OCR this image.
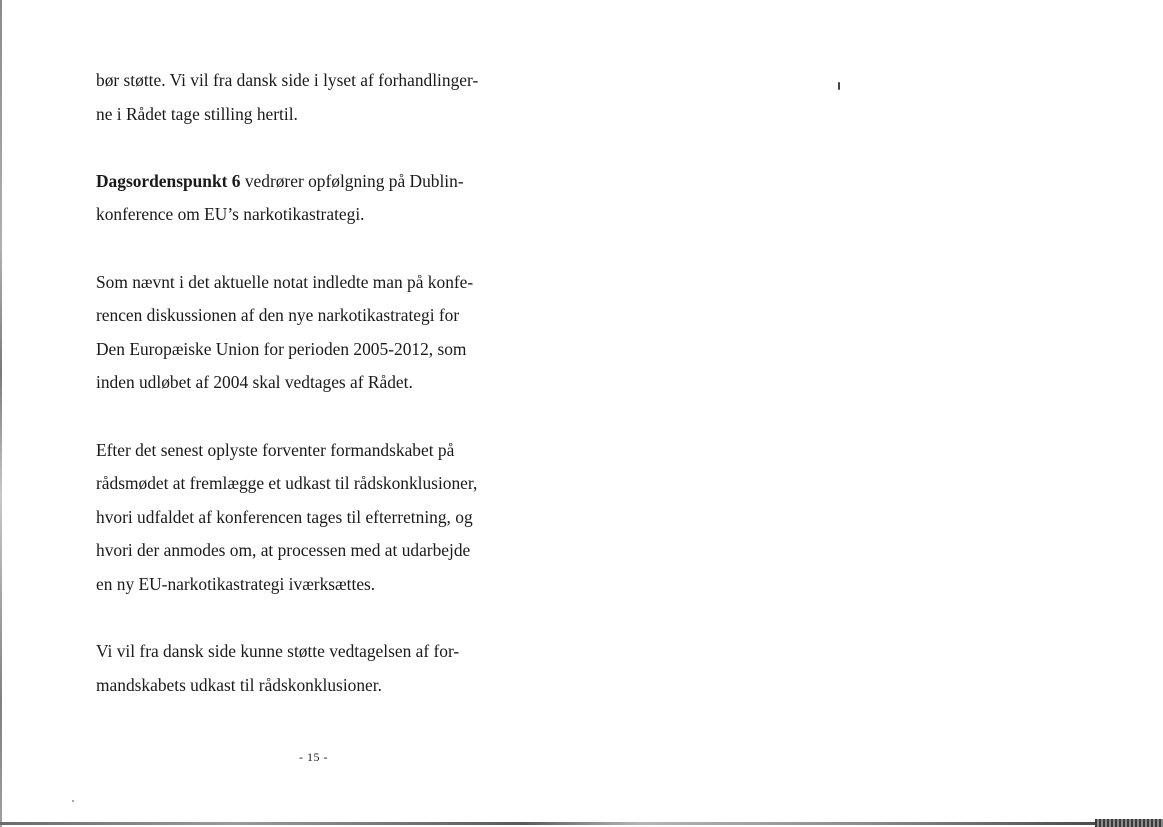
bør støtte. Vi vil fra dansk side i lyset af forhandlinger-
ne i Rådet tage stilling hertil.

Dagsordenspunkt 6 vedrører opfølgning på Dublin-
konference om EU’s narkotikastrategi.

Som nævnt i det aktuelle notat indledte man på konfe-
rencen diskussionen af den nye narkotikastrategi for
Den Europæiske Union for perioden 2005-2012, som
inden udløbet af 2004 skal vedtages af Rådet.

Efter det senest oplyste forventer formandskabet på
rådsmødet at fremlægge et udkast til rådskonklusioner,
hvori udfaldet af konferencen tages til efterretning, og
hvori der anmodes om, at processen med at udarbejde
en ny EU-narkotikastrategi iværksættes.

Vi vil fra dansk side kunne støtte vedtagelsen af for-
mandskabets udkast til rådskonklusioner.

- 15 -
